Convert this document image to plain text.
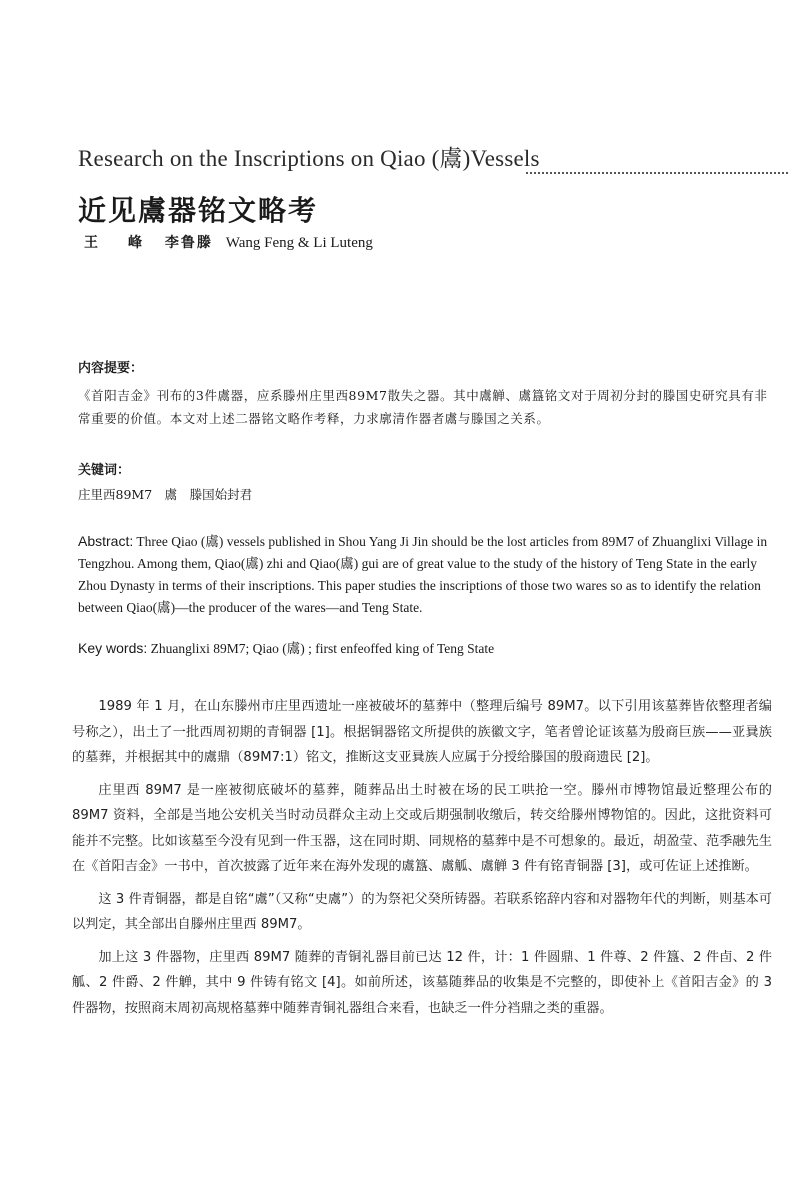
Research on the Inscriptions on Qiao (鬳)Vessels
近见鬳器铭文略考
王　峰 李鲁滕 Wang Feng & Li Luteng
内容提要：
《首阳吉金》刊布的3件鬳器，应系滕州庄里西89M7散失之器。其中鬳觯、鬳簋铭文对于周初分封的滕国史研究具有非常重要的价值。本文对上述二器铭文略作考释，力求廓清作器者鬳与滕国之关系。
关键词：
庄里西89M7　鬳　滕国始封君
Abstract: Three Qiao (鬳) vessels published in Shou Yang Ji Jin should be the lost articles from 89M7 of Zhuanglixi Village in Tengzhou. Among them, Qiao(鬳) zhi and Qiao(鬳) gui are of great value to the study of the history of Teng State in the early Zhou Dynasty in terms of their inscriptions. This paper studies the inscriptions of those two wares so as to identify the relation between Qiao(鬳)—the producer of the wares—and Teng State.
Key words: Zhuanglixi 89M7; Qiao (鬳) ; first enfeoffed king of Teng State

1989 年 1 月，在山东滕州市庄里西遗址一座被破坏的墓葬中（整理后编号 89M7。以下引用该墓葬皆依整理者编号称之），出土了一批西周初期的青铜器 [1]。根据铜器铭文所提供的族徽文字，笔者曾论证该墓为殷商巨族——亚㠱族的墓葬，并根据其中的鬳鼎（89M7:1）铭文，推断这支亚㠱族人应属于分授给滕国的殷商遗民 [2]。

庄里西 89M7 是一座被彻底破坏的墓葬，随葬品出土时被在场的民工哄抢一空。滕州市博物馆最近整理公布的 89M7 资料，全部是当地公安机关当时动员群众主动上交或后期强制收缴后，转交给滕州博物馆的。因此，这批资料可能并不完整。比如该墓至今没有见到一件玉器，这在同时期、同规格的墓葬中是不可想象的。最近，胡盈莹、范季融先生在《首阳吉金》一书中，首次披露了近年来在海外发现的鬳簋、鬳觚、鬳觯 3 件有铭青铜器 [3]，或可佐证上述推断。

这 3 件青铜器，都是自铭“鬳”（又称“史鬳”）的为祭祀父癸所铸器。若联系铭辞内容和对器物年代的判断，则基本可以判定，其全部出自滕州庄里西 89M7。

加上这 3 件器物，庄里西 89M7 随葬的青铜礼器目前已达 12 件，计：1 件圆鼎、1 件尊、2 件簋、2 件卣、2 件觚、2 件爵、2 件觯，其中 9 件铸有铭文 [4]。如前所述，该墓随葬品的收集是不完整的，即使补上《首阳吉金》的 3 件器物，按照商末周初高规格墓葬中随葬青铜礼器组合来看，也缺乏一件分裆鼎之类的重器。
